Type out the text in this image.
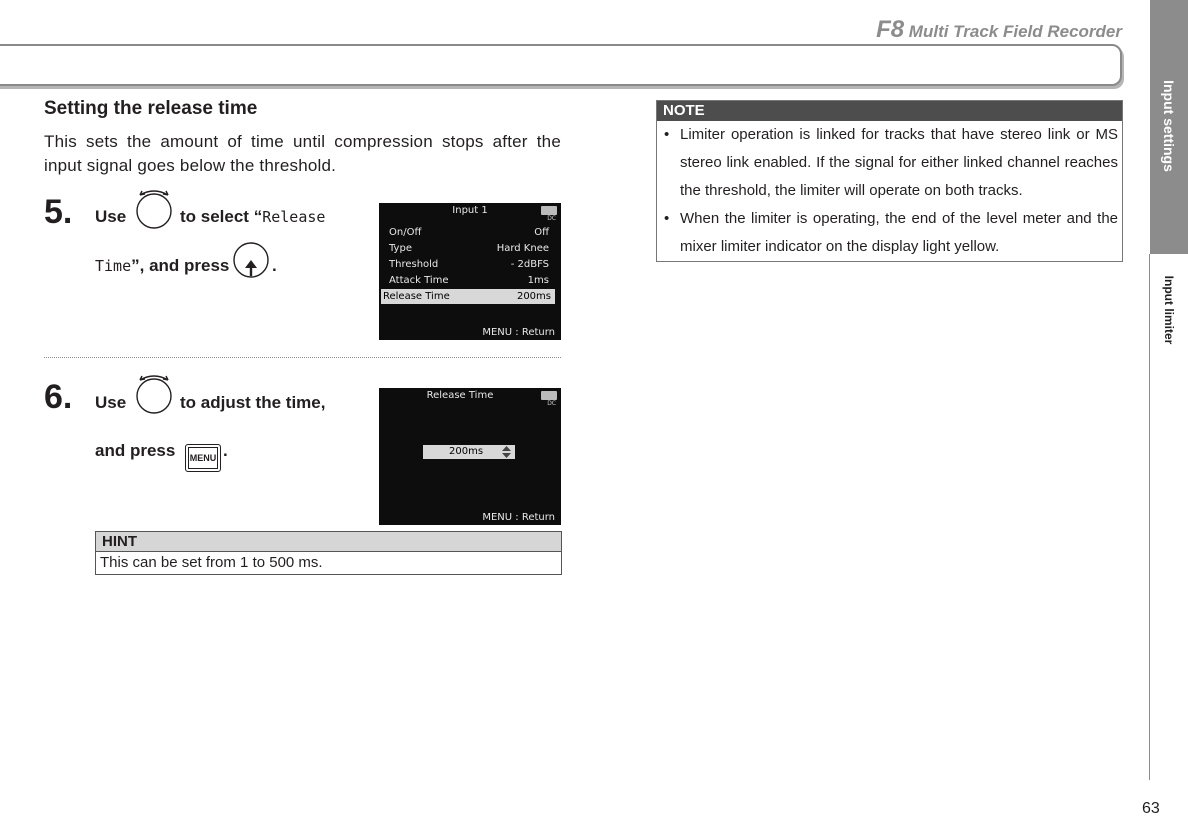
F8 Multi Track Field Recorder
Input settings
Input limiter
Setting the release time
This sets the amount of time until compression stops after the input signal goes below the threshold.
5. Use	to select “Release
Time”, and press	.
Input 1
DC
On/Off	Off
Type	Hard Knee
Threshold	- 2dBFS
Attack Time	1ms
Release Time	200ms
MENU : Return
6. Use	to adjust the time,
and press	MENU .
Release Time
DC
200ms
MENU : Return
HINT
This can be set from 1 to 500 ms.
NOTE
• Limiter operation is linked for tracks that have stereo link or MS stereo link enabled. If the signal for either linked channel reaches the threshold, the limiter will operate on both tracks.
• When the limiter is operating, the end of the level meter and the mixer limiter indicator on the display light yellow.
63
